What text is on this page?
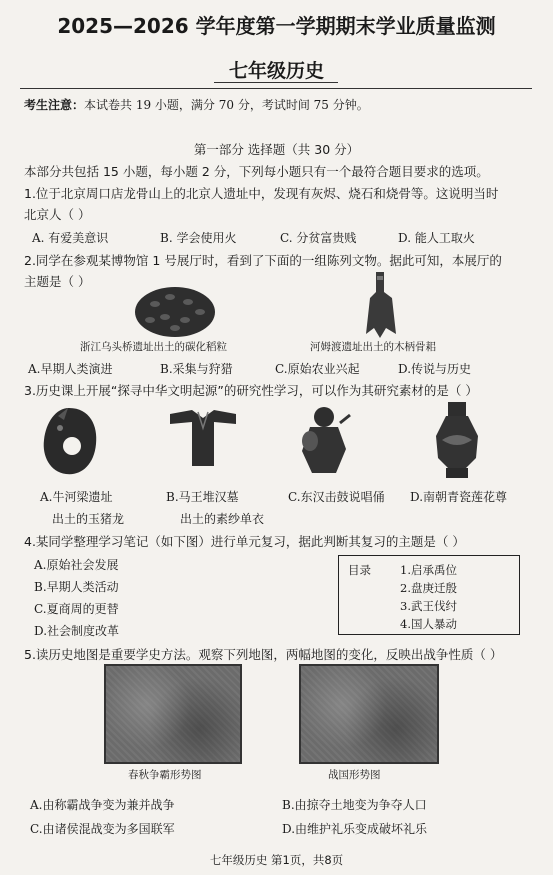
2025—2026 学年度第一学期期末学业质量监测
七年级历史
考生注意：本试卷共 19 小题，满分 70 分，考试时间 75 分钟。
第一部分 选择题（共 30 分）
本部分共包括 15 小题，每小题 2 分，下列每小题只有一个最符合题目要求的选项。
1.位于北京周口店龙骨山上的北京人遗址中，发现有灰烬、烧石和烧骨等。这说明当时
北京人（ ）
A. 有爱美意识	B. 学会使用火	C. 分贫富贵贱	D. 能人工取火
2.同学在参观某博物馆 1 号展厅时，看到了下面的一组陈列文物。据此可知，本展厅的
主题是（ ）
浙江乌头桥遗址出土的碳化稻粒	河姆渡遗址出土的木柄骨耜
A.早期人类演进	B.采集与狩猎	C.原始农业兴起	D.传说与历史
3.历史课上开展“探寻中华文明起源”的研究性学习，可以作为其研究素材的是（ ）
A.牛河梁遗址
出土的玉猪龙
B.马王堆汉墓
出土的素纱单衣
C.东汉击鼓说唱俑 D.南朝青瓷莲花尊
4.某同学整理学习笔记（如下图）进行单元复习，据此判断其复习的主题是（ ）
A.原始社会发展
B.早期人类活动
C.夏商周的更替
D.社会制度改革
目录	1.启承禹位
2.盘庚迁殷
3.武王伐纣
4.国人暴动
5.读历史地图是重要学史方法。观察下列地图，两幅地图的变化，反映出战争性质（ ）
春秋争霸形势图	战国形势图
A.由称霸战争变为兼并战争	B.由掠夺土地变为争夺人口
C.由诸侯混战变为多国联军	D.由维护礼乐变成破坏礼乐
七年级历史 第1页，共8页
